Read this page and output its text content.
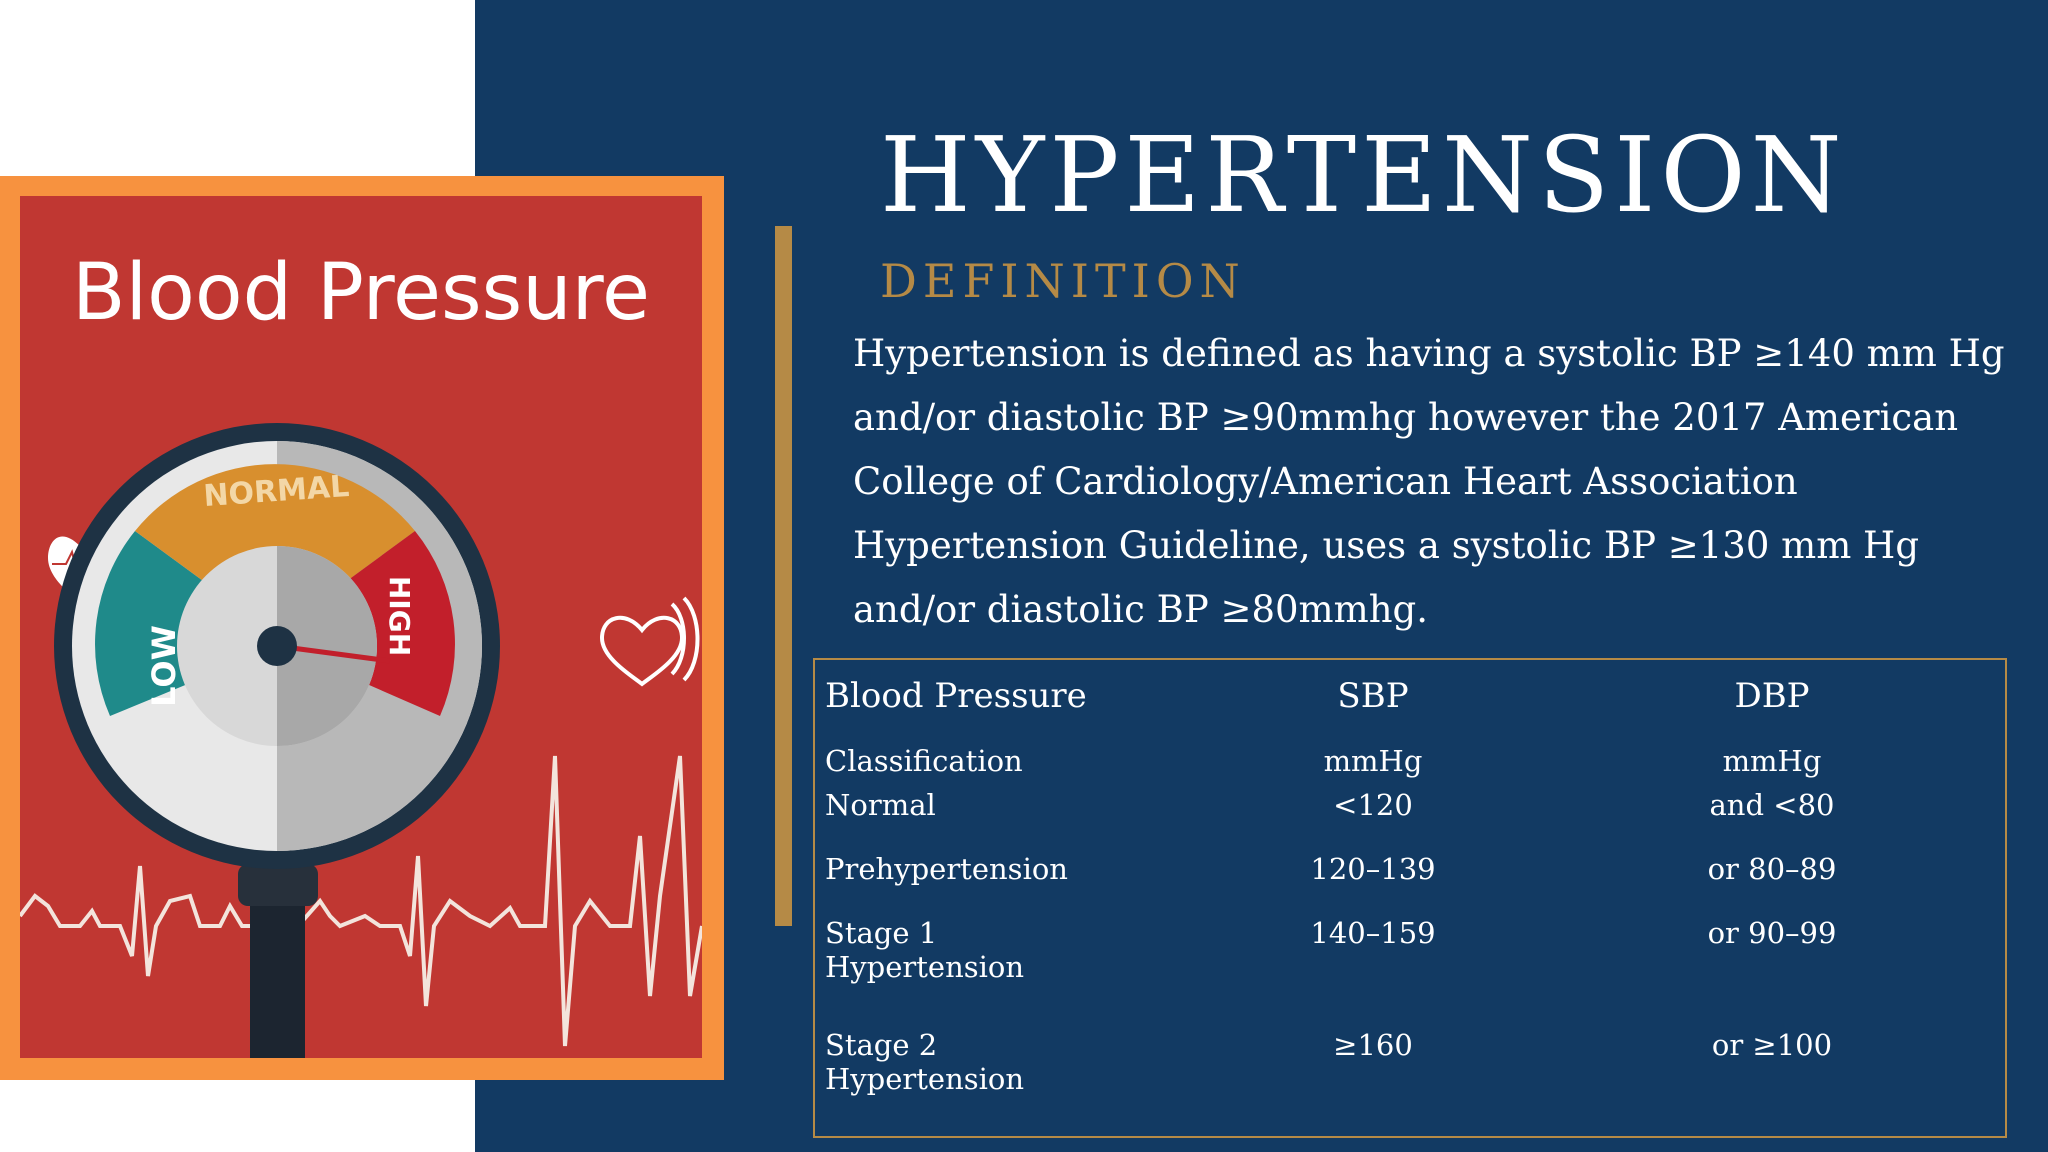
Blood Pressure
LOW
NORMAL
HIGH
HYPERTENSION
DEFINITION
Hypertension is defined as having a systolic BP ≥140 mm Hg and/or diastolic BP ≥90mmhg however the 2017 American College of Cardiology/American Heart Association Hypertension Guideline, uses a systolic BP ≥130 mm Hg and/or diastolic BP ≥80mmhg.
Blood Pressure	SBP	DBP
Classification	mmHg	mmHg
Normal	<120	and <80
Prehypertension	120–139	or 80–89
Stage 1
Hypertension
140–159	or 90–99
Stage 2
Hypertension
≥160	or ≥100
